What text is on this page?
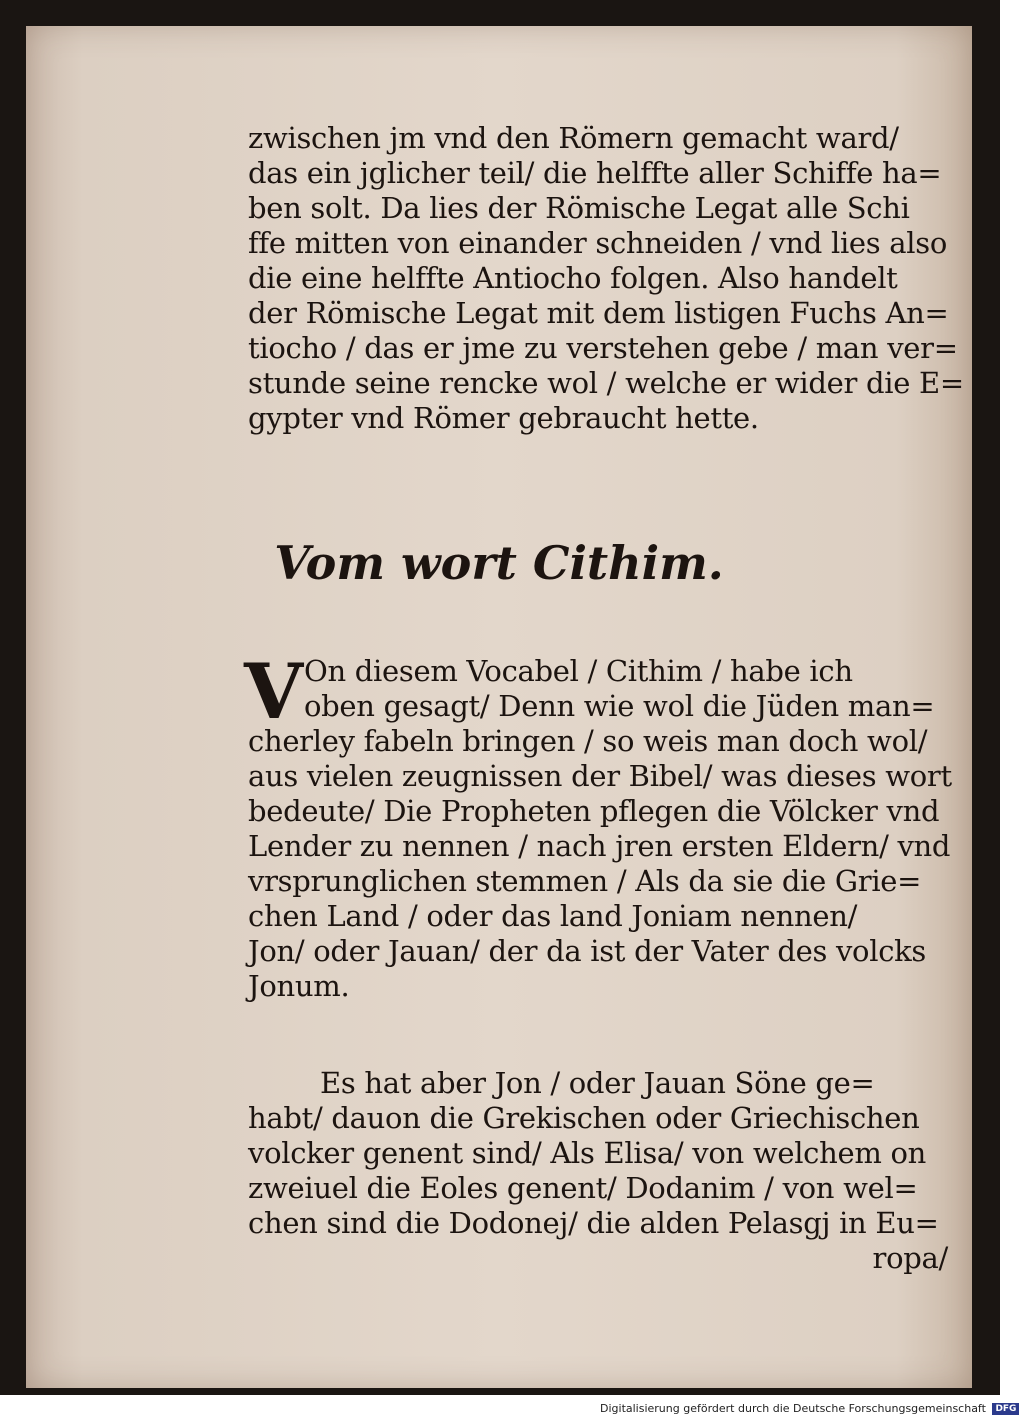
zwischen jm vnd den Römern gemacht ward/
das ein jglicher teil/ die helffte aller Schiffe ha=
ben solt. Da lies der Römische Legat alle Schi
ffe mitten von einander schneiden / vnd lies also
die eine helffte Antiocho folgen. Also handelt
der Römische Legat mit dem listigen Fuchs An=
tiocho / das er jme zu verstehen gebe / man ver=
stunde seine rencke wol / welche er wider die E=
gypter vnd Römer gebraucht hette.
Vom wort Cithim.
V On diesem Vocabel / Cithim / habe ich
oben gesagt/ Denn wie wol die Jüden man=
cherley fabeln bringen / so weis man doch wol/
aus vielen zeugnissen der Bibel/ was dieses wort
bedeute/ Die Propheten pflegen die Völcker vnd
Lender zu nennen / nach jren ersten Eldern/ vnd
vrsprunglichen stemmen / Als da sie die Grie=
chen Land / oder das land Joniam nennen/
Jon/ oder Jauan/ der da ist der Vater des volcks
Jonum.
Es hat aber Jon / oder Jauan Söne ge=
habt/ dauon die Grekischen oder Griechischen
volcker genent sind/ Als Elisa/ von welchem on
zweiuel die Eoles genent/ Dodanim / von wel=
chen sind die Dodonej/ die alden Pelasgj in Eu=
ropa/
Digitalisierung gefördert durch die Deutsche Forschungsgemeinschaft DFG
